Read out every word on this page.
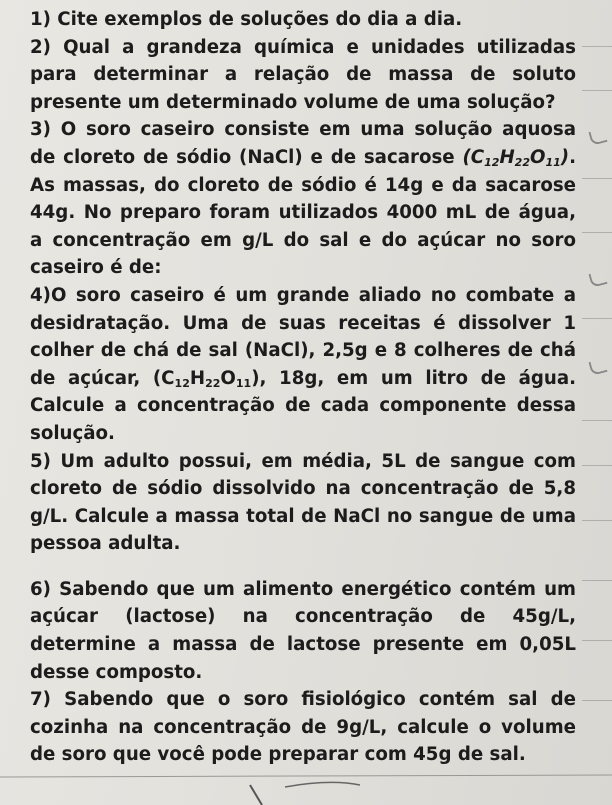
1) Cite exemplos de soluções do dia a dia.

2) Qual a grandeza química e unidades utilizadas para determinar a relação de massa de soluto presente um determinado volume de uma solução?

3) O soro caseiro consiste em uma solução aquosa de cloreto de sódio (NaCl) e de sacarose $(C_{12}H_{22}O_{11})$. As massas, do cloreto de sódio é 14g e da sacarose 44g. No preparo foram utilizados 4000 mL de água, a concentração em g/L do sal e do açúcar no soro caseiro é de:

4)O soro caseiro é um grande aliado no combate a desidratação. Uma de suas receitas é dissolver 1 colher de chá de sal (NaCl), 2,5g e 8 colheres de chá de açúcar, $(C_{12}H_{22}O_{11})$, 18g, em um litro de água. Calcule a concentração de cada componente dessa solução.

5) Um adulto possui, em média, 5L de sangue com cloreto de sódio dissolvido na concentração de 5,8 g/L. Calcule a massa total de NaCl no sangue de uma pessoa adulta.

6) Sabendo que um alimento energético contém um açúcar (lactose) na concentração de 45g/L, determine a massa de lactose presente em 0,05L desse composto.

7) Sabendo que o soro fisiológico contém sal de cozinha na concentração de 9g/L, calcule o volume de soro que você pode preparar com 45g de sal.
